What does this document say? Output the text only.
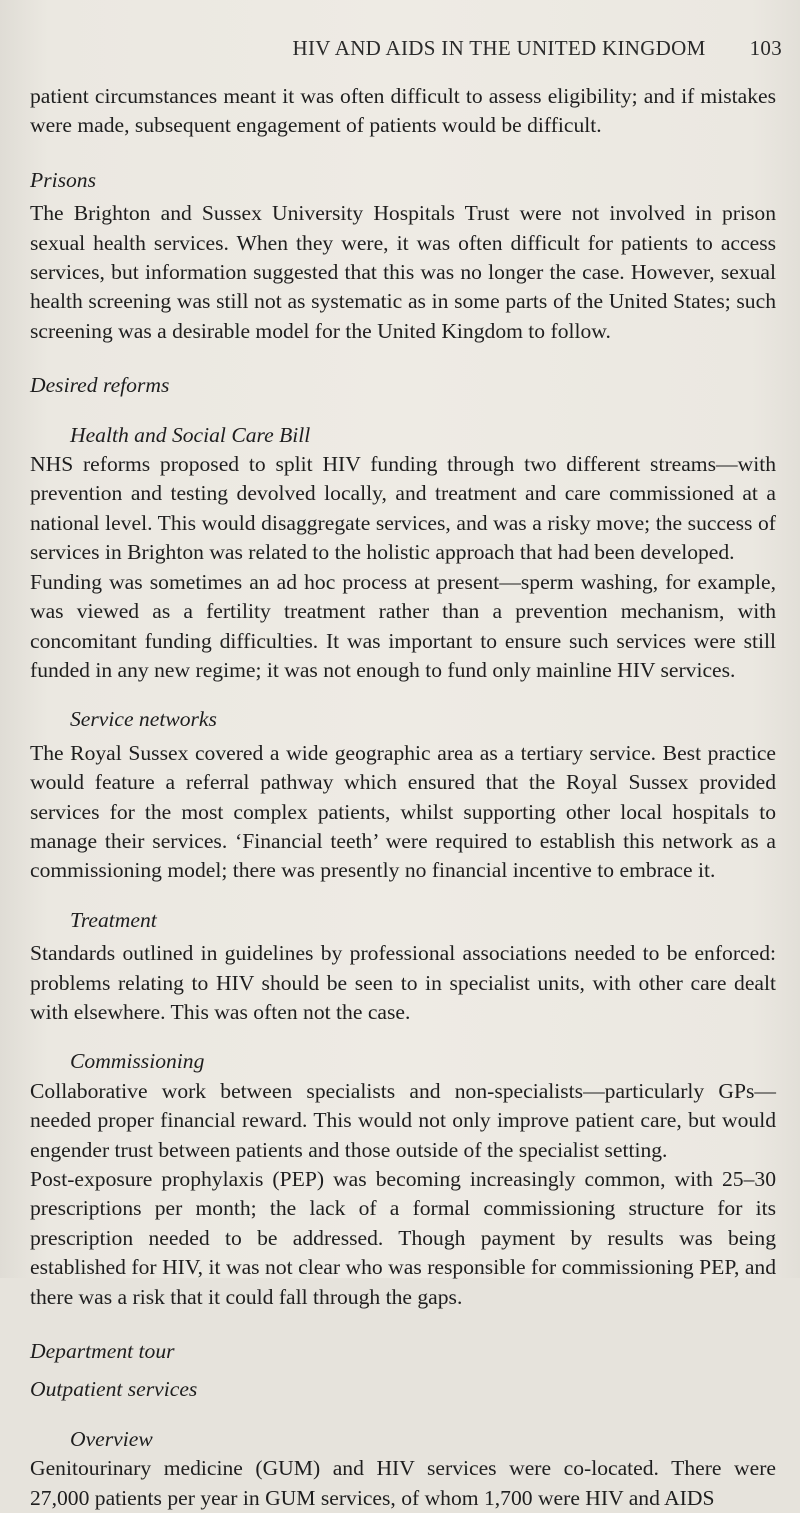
HIV AND AIDS IN THE UNITED KINGDOM 103

patient circumstances meant it was often difficult to assess eligibility; and if mistakes were made, subsequent engagement of patients would be difficult.

Prisons

The Brighton and Sussex University Hospitals Trust were not involved in prison sexual health services. When they were, it was often difficult for patients to access services, but information suggested that this was no longer the case. However, sexual health screening was still not as systematic as in some parts of the United States; such screening was a desirable model for the United Kingdom to follow.

Desired reforms
Health and Social Care Bill

NHS reforms proposed to split HIV funding through two different streams—with prevention and testing devolved locally, and treatment and care commissioned at a national level. This would disaggregate services, and was a risky move; the success of services in Brighton was related to the holistic approach that had been developed.

Funding was sometimes an ad hoc process at present—sperm washing, for example, was viewed as a fertility treatment rather than a prevention mechanism, with concomitant funding difficulties. It was important to ensure such services were still funded in any new regime; it was not enough to fund only mainline HIV services.

Service networks

The Royal Sussex covered a wide geographic area as a tertiary service. Best practice would feature a referral pathway which ensured that the Royal Sussex provided services for the most complex patients, whilst supporting other local hospitals to manage their services. ‘Financial teeth’ were required to establish this network as a commissioning model; there was presently no financial incentive to embrace it.

Treatment

Standards outlined in guidelines by professional associations needed to be enforced: problems relating to HIV should be seen to in specialist units, with other care dealt with elsewhere. This was often not the case.

Commissioning

Collaborative work between specialists and non-specialists—particularly GPs—needed proper financial reward. This would not only improve patient care, but would engender trust between patients and those outside of the specialist setting.

Post-exposure prophylaxis (PEP) was becoming increasingly common, with 25–30 prescriptions per month; the lack of a formal commissioning structure for its prescription needed to be addressed. Though payment by results was being established for HIV, it was not clear who was responsible for commissioning PEP, and there was a risk that it could fall through the gaps.

Department tour
Outpatient services
Overview

Genitourinary medicine (GUM) and HIV services were co-located. There were 27,000 patients per year in GUM services, of whom 1,700 were HIV and AIDS
